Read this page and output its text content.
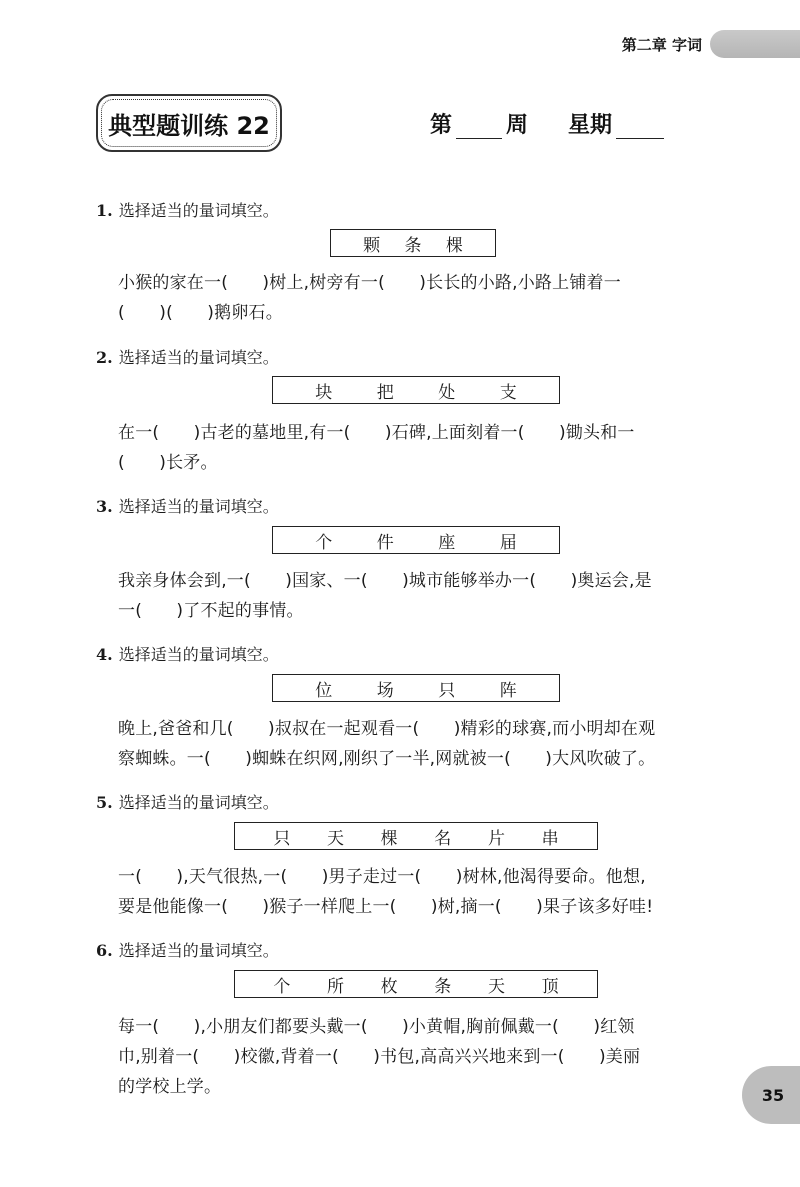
第二章 字词
典型题训练 22	第 周 星期
1. 选择适当的量词填空。
颗 条 棵
小猴的家在一(　　)树上,树旁有一(　　)长长的小路,小路上铺着一
(　　)(　　)鹅卵石。
2. 选择适当的量词填空。
块	把	处	支
在一(　　)古老的墓地里,有一(　　)石碑,上面刻着一(　　)锄头和一
(　　)长矛。
3. 选择适当的量词填空。
个	件	座	届
我亲身体会到,一(　　)国家、一(　　)城市能够举办一(　　)奥运会,是
一(　　)了不起的事情。
4. 选择适当的量词填空。
位	场	只	阵
晚上,爸爸和几(　　)叔叔在一起观看一(　　)精彩的球赛,而小明却在观
察蜘蛛。一(　　)蜘蛛在织网,刚织了一半,网就被一(　　)大风吹破了。
5. 选择适当的量词填空。
只 天 棵 名 片 串
一(　　),天气很热,一(　　)男子走过一(　　)树林,他渴得要命。他想,
要是他能像一(　　)猴子一样爬上一(　　)树,摘一(　　)果子该多好哇!
6. 选择适当的量词填空。
个 所 枚 条 天 顶
每一(　　),小朋友们都要头戴一(　　)小黄帽,胸前佩戴一(　　)红领
巾,别着一(　　)校徽,背着一(　　)书包,高高兴兴地来到一(　　)美丽
的学校上学。	35
